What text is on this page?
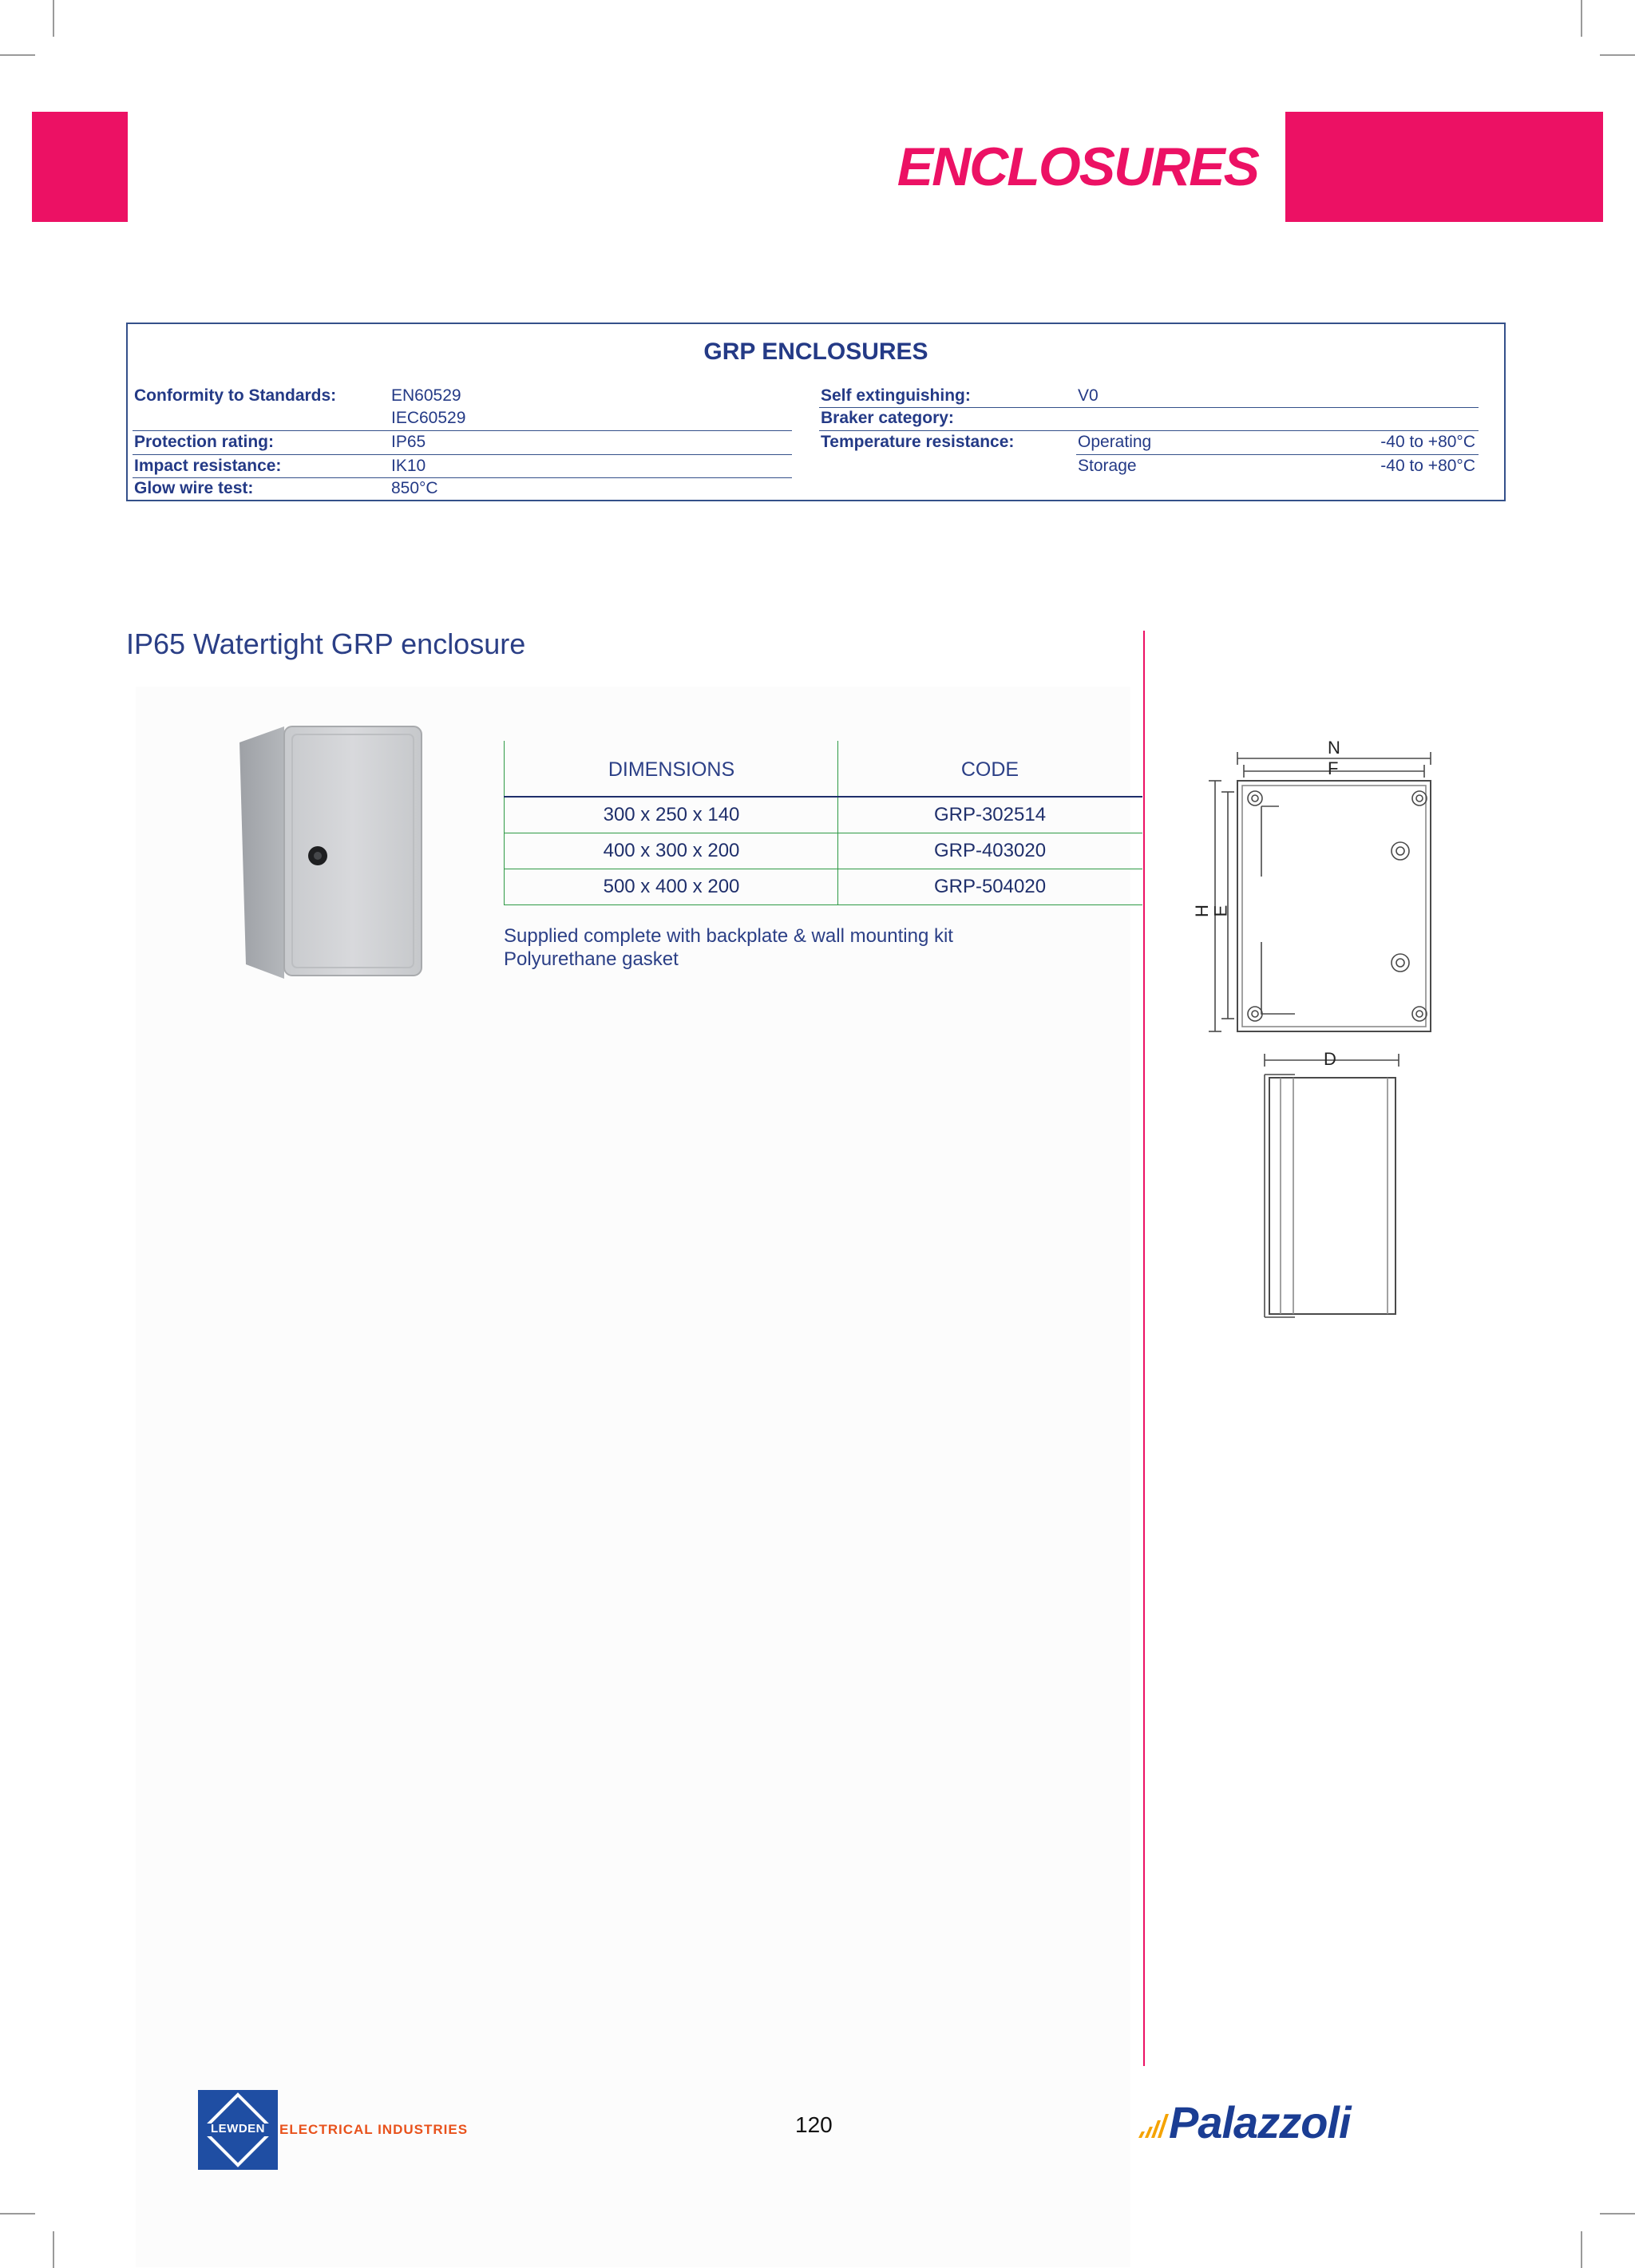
ENCLOSURES
GRP ENCLOSURES
Conformity to Standards:	EN60529
IEC60529
Protection rating:	IP65
Impact resistance:	IK10
Glow wire test:	850°C
Self extinguishing:	V0
Braker category:
Temperature resistance:	Operating	-40 to +80°C
Storage	-40 to +80°C
IP65 Watertight GRP enclosure
DIMENSIONS	CODE
300 x 250 x 140	GRP-302514
400 x 300 x 200	GRP-403020
500 x 400 x 200	GRP-504020
Supplied complete with backplate & wall mounting kit
Polyurethane gasket
N
F
H
E
D
LEWDEN	ELECTRICAL INDUSTRIES	120	Palazzoli
